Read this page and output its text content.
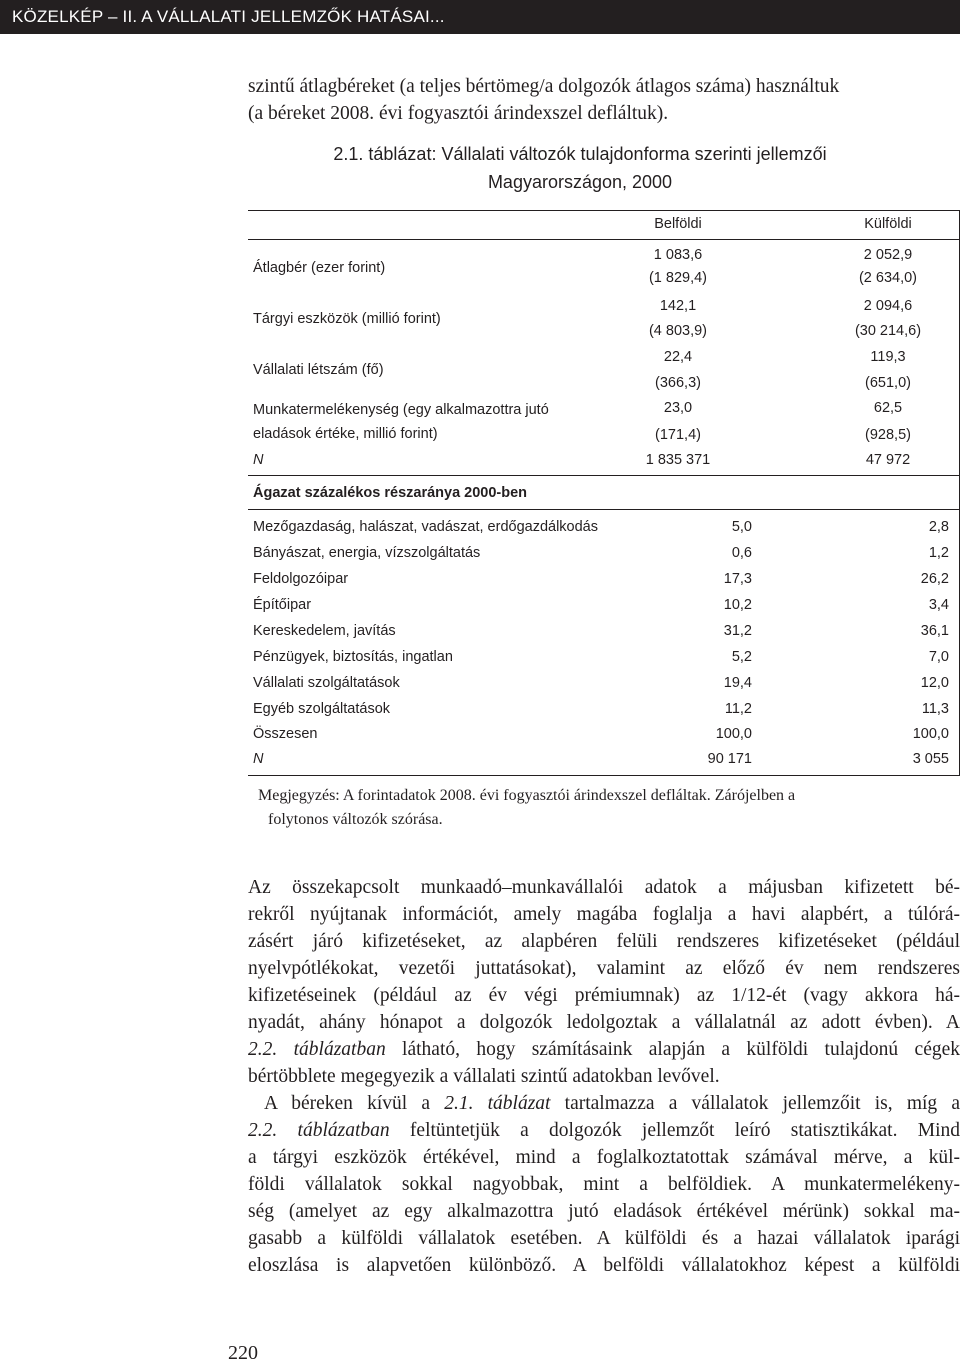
KÖZELKÉP – II. A VÁLLALATI JELLEMZŐK HATÁSAI...
szintű átlagbéreket (a teljes bértömeg/a dolgozók átlagos száma) használtuk
(a béreket 2008. évi fogyasztói árindexszel defláltuk).
2.1. táblázat: Vállalati változók tulajdonforma szerinti jellemzői
Magyarországon, 2000
Belföldi	Külföldi
Átlagbér (ezer forint)
1 083,6	2 052,9
(1 829,4)	(2 634,0)
Tárgyi eszközök (millió forint)
142,1	2 094,6
(4 803,9)	(30 214,6)
Vállalati létszám (fő)
22,4	119,3
(366,3)	(651,0)
Munkatermelékenység (egy alkalmazottra jutó
eladások értéke, millió forint)
23,0	62,5
(171,4)	(928,5)
N	1 835 371	47 972
Ágazat százalékos részaránya 2000-ben
Mezőgazdaság, halászat, vadászat, erdőgazdálkodás	5,0	2,8
Bányászat, energia, vízszolgáltatás	0,6	1,2
Feldolgozóipar	17,3	26,2
Építőipar	10,2	3,4
Kereskedelem, javítás	31,2	36,1
Pénzügyek, biztosítás, ingatlan	5,2	7,0
Vállalati szolgáltatások	19,4	12,0
Egyéb szolgáltatások	11,2	11,3
Összesen	100,0	100,0
N	90 171	3 055
Megjegyzés: A forintadatok 2008. évi fogyasztói árindexszel defláltak. Zárójelben a
folytonos változók szórása.
Az összekapcsolt munkaadó–munkavállalói adatok a májusban kifizetett bé-
rekről nyújtanak információt, amely magába foglalja a havi alapbért, a túlórá-
zásért járó kifizetéseket, az alapbéren felüli rendszeres kifizetéseket (például
nyelvpótlékokat, vezetői juttatásokat), valamint az előző év nem rendszeres
kifizetéseinek (például az év végi prémiumnak) az 1/12-ét (vagy akkora há-
nyadát, ahány hónapot a dolgozók ledolgoztak a vállalatnál az adott évben). A
2.2. táblázatban látható, hogy számításaink alapján a külföldi tulajdonú cégek
bértöbblete megegyezik a vállalati szintű adatokban levővel.
A béreken kívül a 2.1. táblázat tartalmazza a vállalatok jellemzőit is, míg a
2.2. táblázatban feltüntetjük a dolgozók jellemzőt leíró statisztikákat. Mind
a tárgyi eszközök értékével, mind a foglalkoztatottak számával mérve, a kül-
földi vállalatok sokkal nagyobbak, mint a belföldiek. A munkatermelékeny-
ség (amelyet az egy alkalmazottra jutó eladások értékével mérünk) sokkal ma-
gasabb a külföldi vállalatok esetében. A külföldi és a hazai vállalatok iparági
eloszlása is alapvetően különböző. A belföldi vállalatokhoz képest a külföldi
220
